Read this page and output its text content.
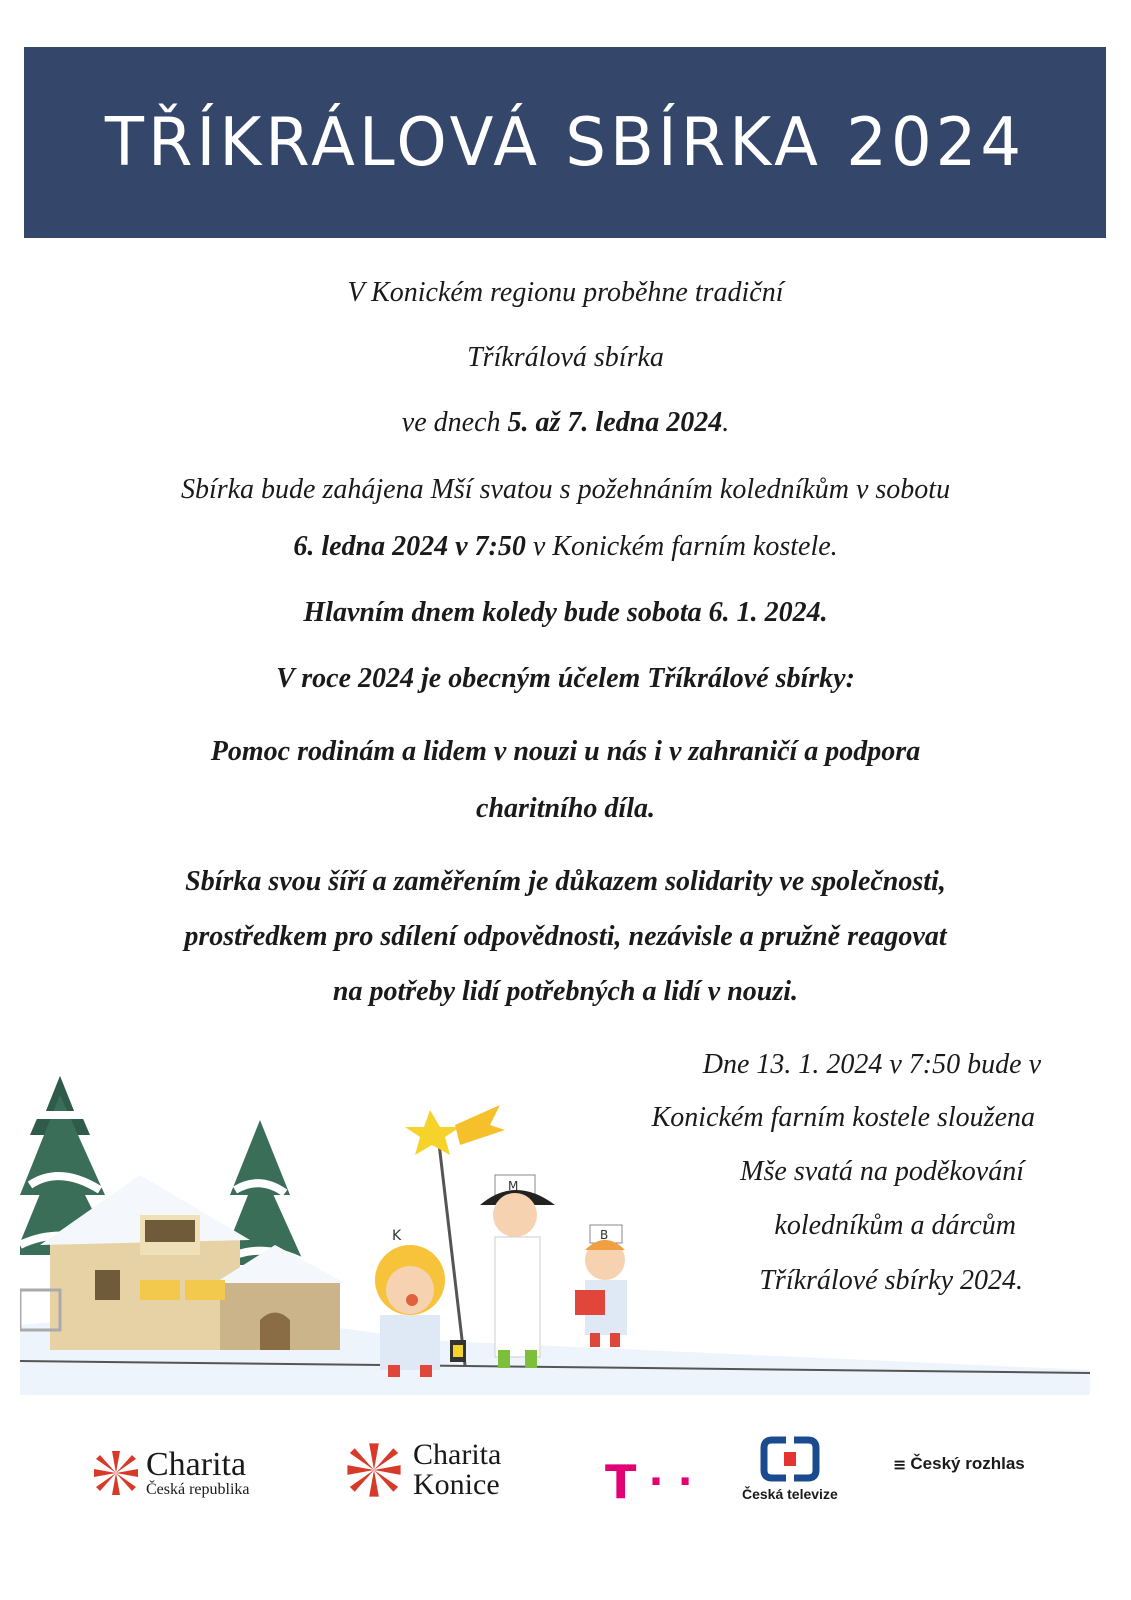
TŘÍKRÁLOVÁ SBÍRKA 2024

V Konickém regionu proběhne tradiční

Tříkrálová sbírka

ve dnech 5. až 7. ledna 2024.

Sbírka bude zahájena Mší svatou s požehnáním koledníkům v sobotu

6. ledna 2024 v 7:50 v Konickém farním kostele.

Hlavním dnem koledy bude sobota 6. 1. 2024.

V roce 2024 je obecným účelem Tříkrálové sbírky:

Pomoc rodinám a lidem v nouzi u nás i v zahraničí a podpora

charitního díla.

Sbírka svou šíří a zaměřením je důkazem solidarity ve společnosti,

prostředkem pro sdílení odpovědnosti, nezávisle a pružně reagovat

na potřeby lidí potřebných a lidí v nouzi.

K
M
B

Dne 13. 1. 2024 v 7:50 bude v

Konickém farním kostele sloužena

Mše svatá na poděkování

koledníkům a dárcům

Tříkrálové sbírky 2024.

Charita
Česká republika
Charita
Konice T · ·	Česká televize
≡ Český rozhlas
